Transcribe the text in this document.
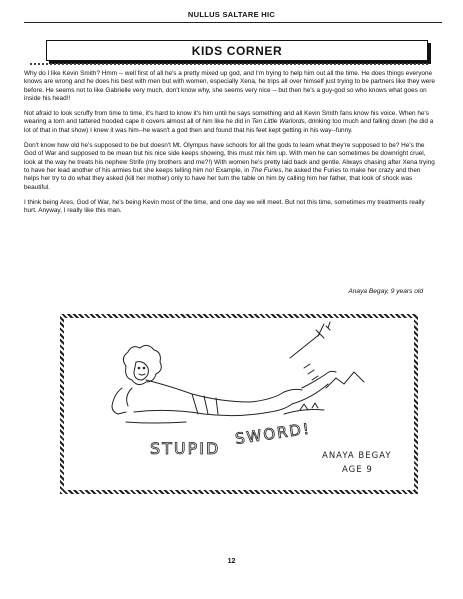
NULLUS SALTARE HIC
KIDS CORNER

Why do I like Kevin Smith? Hmm -- well first of all he's a pretty mixed up god, and I'm trying to help him out all the time. He does things everyone knows are wrong and he does his best with men but with women, especially Xena, he trips all over himself just trying to be partners like they were before. He seems not to like Gabrielle very much, don't know why, she seems very nice -- but then he's a guy-god so who knows what goes on inside his head!!

Not afraid to look scruffy from time to time, it's hard to know it's him until he says something and all Kevin Smith fans know his voice. When he's wearing a torn and tattered hooded cape it covers almost all of him like he did in Ten Little Warlords, drinking too much and falling down (he did a lot of that in that show) I knew it was him--he wasn't a god then and found that his feet kept getting in his way--funny.

Don't know how old he's supposed to be but doesn't Mt. Olympus have schools for all the gods to learn what they're supposed to be? He's the God of War and supposed to be mean but his nice side keeps showing, this must mix him up. With men he can sometimes be downright cruel, look at the way he treats his nephew Strife (my brothers and me?!) With women he's pretty laid back and gentle. Always chasing after Xena trying to have her lead another of his armies but she keeps telling him no! Example, in The Furies, he asked the Furies to make her crazy and then helps her try to do what they asked (kill her mother) only to have her turn the table on him by calling him her father, that look of shock was beautiful.

I think being Ares, God of War, he's being Kevin most of the time, and one day we will meet. But not this time, sometimes my treatments really hurt. Anyway, I really like this man.

Anaya Begay, 9 years old
STUPID
SWORD!
ANAYA BEGAY
AGE 9
12
